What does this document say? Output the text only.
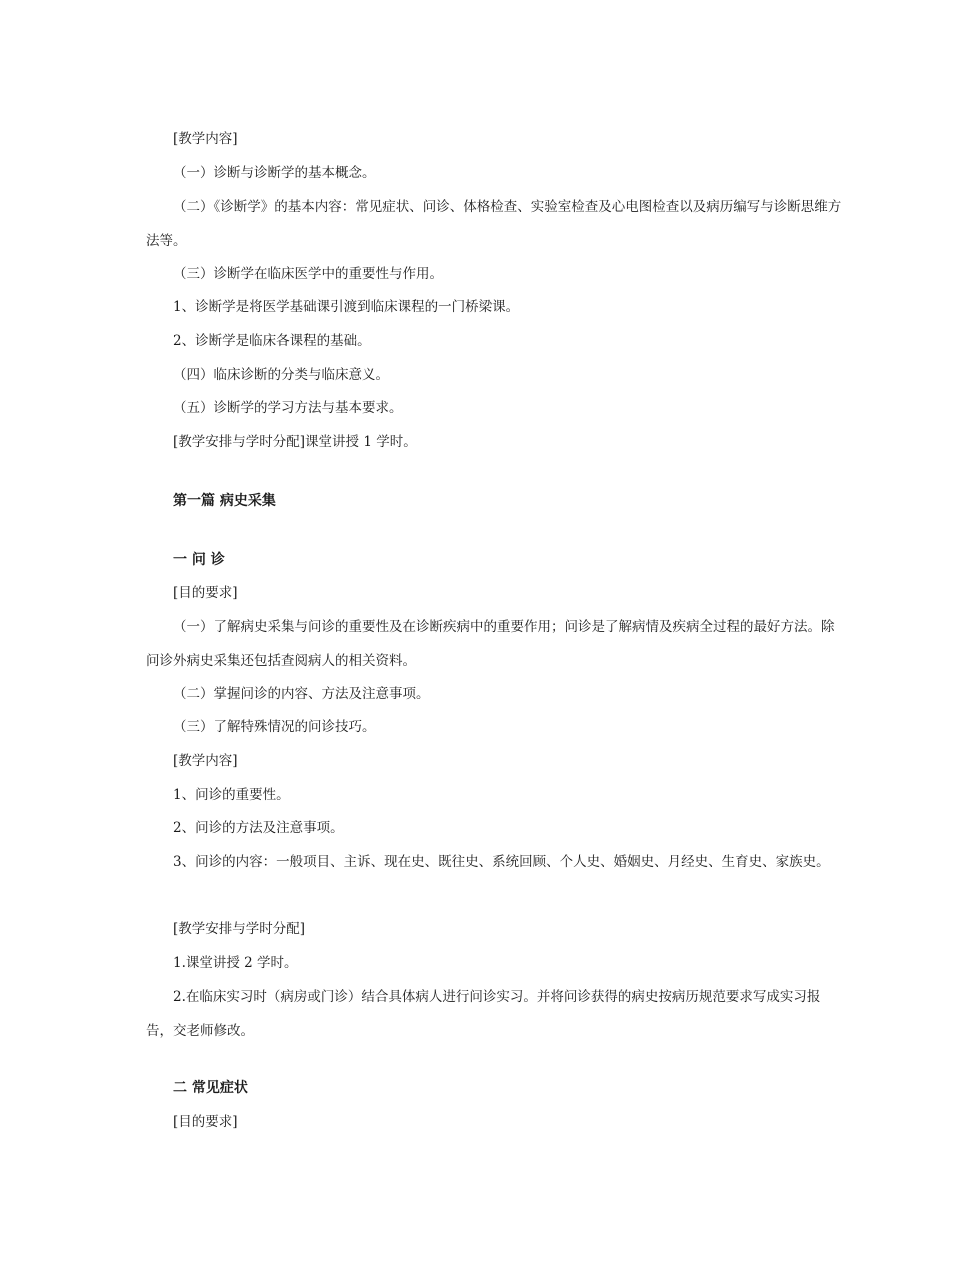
[教学内容]
（一）诊断与诊断学的基本概念。
（二）《诊断学》的基本内容：常见症状、问诊、体格检查、实验室检查及心电图检查以及病历编写与诊断思维方法等。
（三）诊断学在临床医学中的重要性与作用。
1、诊断学是将医学基础课引渡到临床课程的一门桥梁课。
2、诊断学是临床各课程的基础。
（四）临床诊断的分类与临床意义。
（五）诊断学的学习方法与基本要求。
[教学安排与学时分配]课堂讲授 1 学时。
第一篇 病史采集
一 问 诊
[目的要求]
（一）了解病史采集与问诊的重要性及在诊断疾病中的重要作用；问诊是了解病情及疾病全过程的最好方法。除问诊外病史采集还包括查阅病人的相关资料。
（二）掌握问诊的内容、方法及注意事项。
（三）了解特殊情况的问诊技巧。
[教学内容]
1、问诊的重要性。
2、问诊的方法及注意事项。
3、问诊的内容：一般项目、主诉、现在史、既往史、系统回顾、个人史、婚姻史、月经史、生育史、家族史。
[教学安排与学时分配]
1.课堂讲授 2 学时。
2.在临床实习时（病房或门诊）结合具体病人进行问诊实习。并将问诊获得的病史按病历规范要求写成实习报告，交老师修改。
二 常见症状
[目的要求]
